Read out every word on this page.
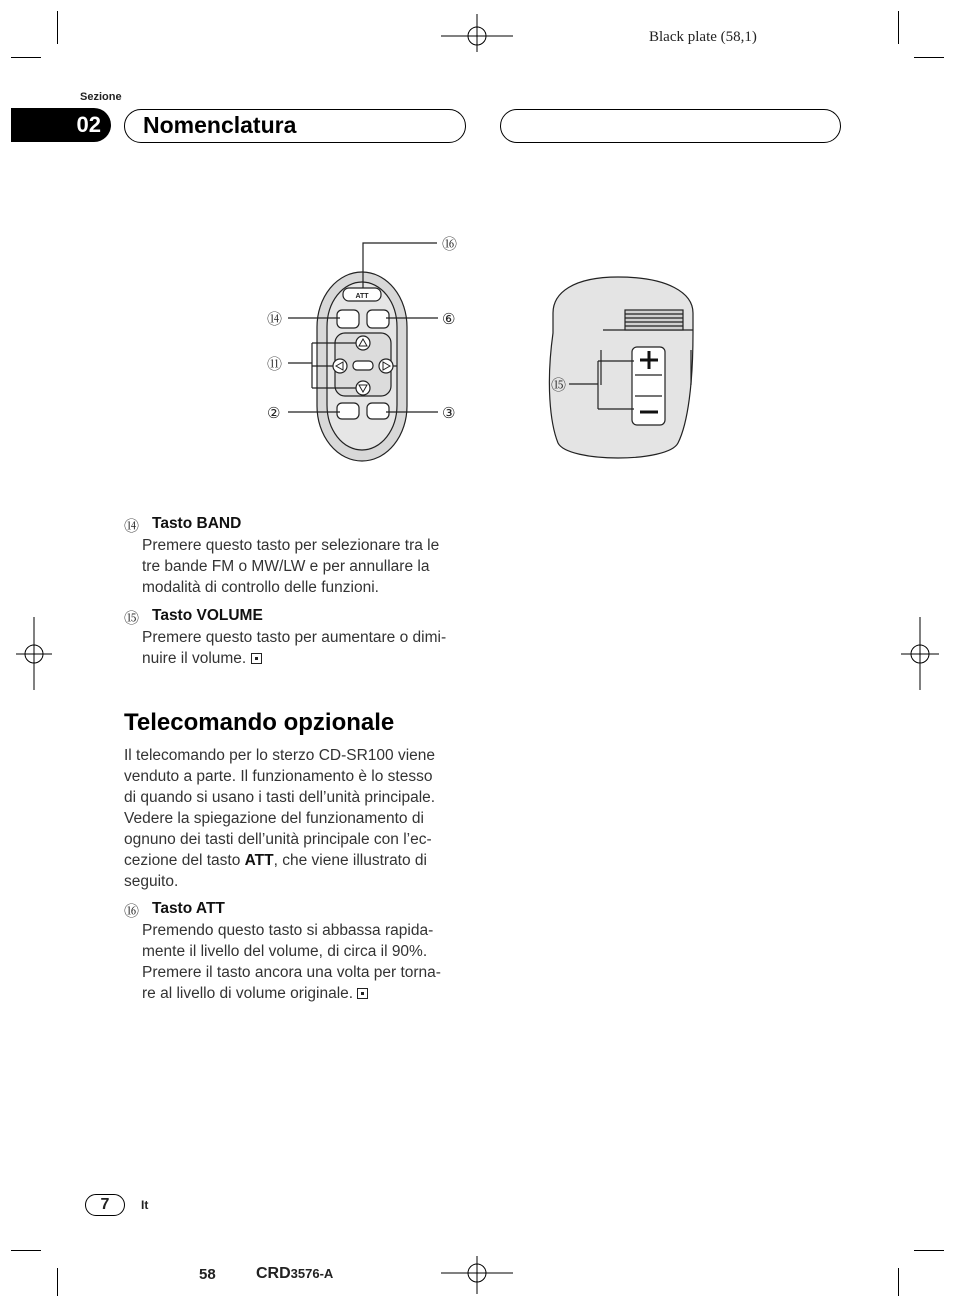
Black plate (58,1)
Sezione
02	Nomenclatura
ATT
⑯
⑭	⑥
⑪
②	③
⑮
⑭ Tasto BAND

Premere questo tasto per selezionare tra le

tre bande FM o MW/LW e per annullare la

modalità di controllo delle funzioni.

⑮ Tasto VOLUME

Premere questo tasto per aumentare o dimi-

nuire il volume.

Telecomando opzionale

Il telecomando per lo sterzo CD-SR100 viene

venduto a parte. Il funzionamento è lo stesso

di quando si usano i tasti dell’unità principale.

Vedere la spiegazione del funzionamento di

ognuno dei tasti dell’unità principale con l’ec-

cezione del tasto ATT, che viene illustrato di

seguito.

⑯ Tasto ATT

Premendo questo tasto si abbassa rapida-

mente il livello del volume, di circa il 90%.

Premere il tasto ancora una volta per torna-

re al livello di volume originale.

7	It
58	CRD3576-A
